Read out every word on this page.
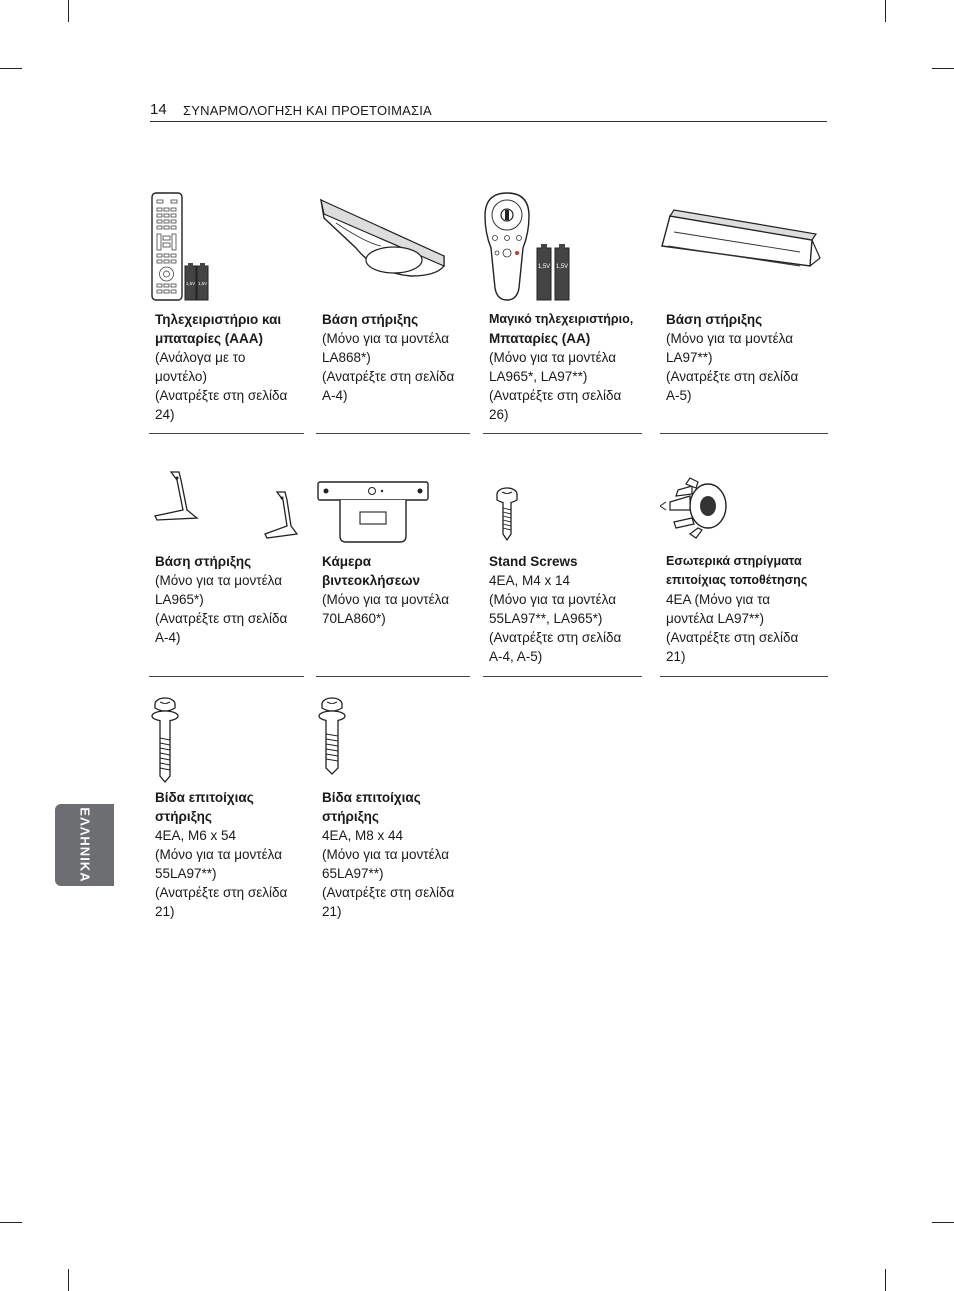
14 ΣΥΝΑΡΜΟΛΟΓΗΣΗ ΚΑΙ ΠΡΟΕΤΟΙΜΑΣΙΑ
ΕΛΛΗΝΙΚΑ
1,5V 1,5V
Τηλεχειριστήριο και
μπαταρίες (AAA)
(Ανάλογα με το
μοντέλο)
(Ανατρέξτε στη σελίδα
24)
Βάση στήριξης
(Μόνο για τα μοντέλα
LA868*)
(Ανατρέξτε στη σελίδα
A-4)
1,5V 1,5V
Μαγικό τηλεχειριστήριο,
Μπαταρίες (AA)
(Μόνο για τα μοντέλα
LA965*, LA97**)
(Ανατρέξτε στη σελίδα
26)
Βάση στήριξης
(Μόνο για τα μοντέλα
LA97**)
(Ανατρέξτε στη σελίδα
A-5)
Βάση στήριξης
(Μόνο για τα μοντέλα
LA965*)
(Ανατρέξτε στη σελίδα
A-4)
Κάμερα
βιντεοκλήσεων
(Μόνο για τα μοντέλα
70LA860*)
Stand Screws
4EA, M4 x 14
(Μόνο για τα μοντέλα
55LA97**, LA965*)
(Ανατρέξτε στη σελίδα
A-4, A-5)
Εσωτερικά στηρίγματα
επιτοίχιας τοποθέτησης
4EA (Μόνο για τα
μοντέλα LA97**)
(Ανατρέξτε στη σελίδα
21)
Βίδα επιτοίχιας
στήριξης
4EA, M6 x 54
(Μόνο για τα μοντέλα
55LA97**)
(Ανατρέξτε στη σελίδα
21)
Βίδα επιτοίχιας
στήριξης
4EA, M8 x 44
(Μόνο για τα μοντέλα
65LA97**)
(Ανατρέξτε στη σελίδα
21)
